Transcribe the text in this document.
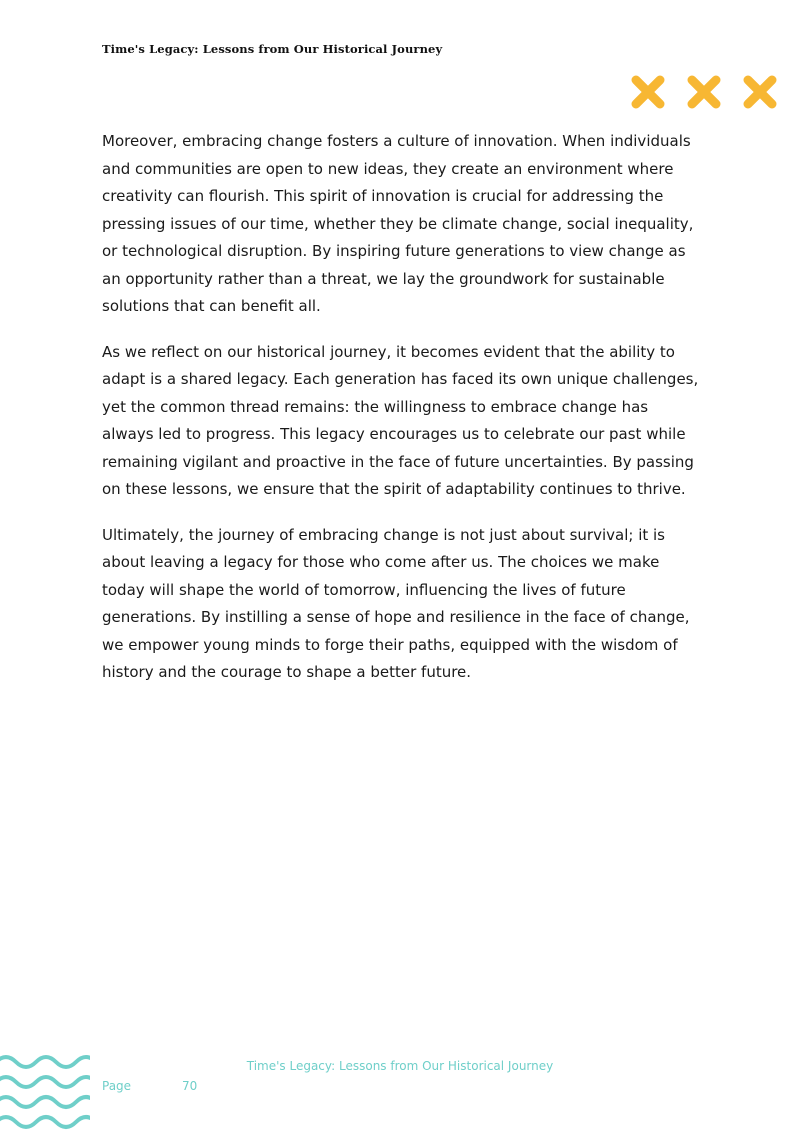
Time's Legacy: Lessons from Our Historical Journey

Moreover, embracing change fosters a culture of innovation. When individuals and communities are open to new ideas, they create an environment where creativity can flourish. This spirit of innovation is crucial for addressing the pressing issues of our time, whether they be climate change, social inequality, or technological disruption. By inspiring future generations to view change as an opportunity rather than a threat, we lay the groundwork for sustainable solutions that can benefit all.

As we reflect on our historical journey, it becomes evident that the ability to adapt is a shared legacy. Each generation has faced its own unique challenges, yet the common thread remains: the willingness to embrace change has always led to progress. This legacy encourages us to celebrate our past while remaining vigilant and proactive in the face of future uncertainties. By passing on these lessons, we ensure that the spirit of adaptability continues to thrive.

Ultimately, the journey of embracing change is not just about survival; it is about leaving a legacy for those who come after us. The choices we make today will shape the world of tomorrow, influencing the lives of future generations. By instilling a sense of hope and resilience in the face of change, we empower young minds to forge their paths, equipped with the wisdom of history and the courage to shape a better future.

Time's Legacy: Lessons from Our Historical Journey
Page	70
